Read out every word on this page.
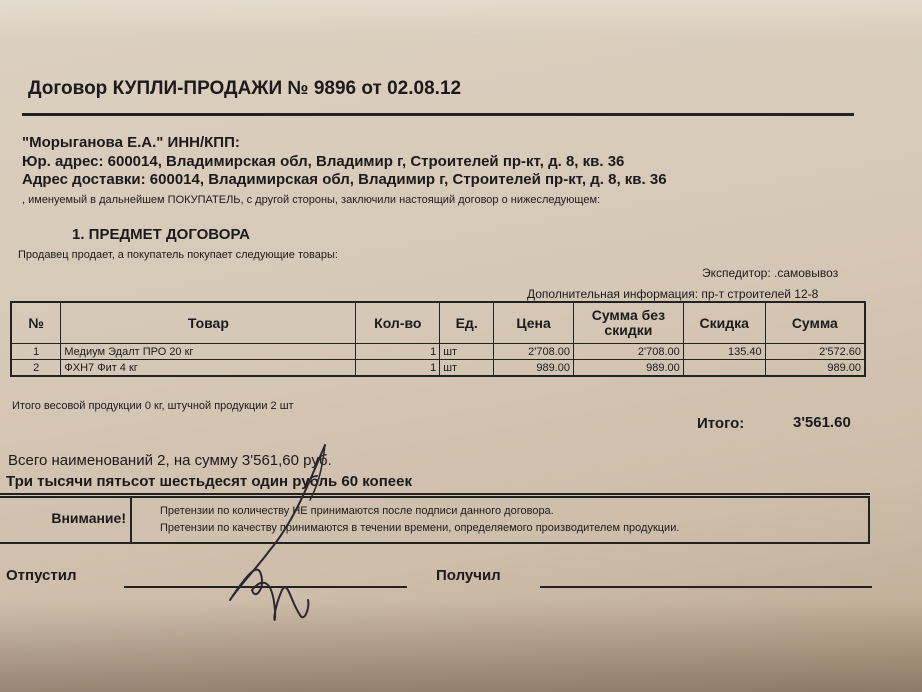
Договор КУПЛИ-ПРОДАЖИ № 9896 от 02.08.12
"Морыганова Е.А." ИНН/КПП:
Юр. адрес: 600014, Владимирская обл, Владимир г, Строителей пр-кт, д. 8, кв. 36
Адрес доставки: 600014, Владимирская обл, Владимир г, Строителей пр-кт, д. 8, кв. 36
, именуемый в дальнейшем ПОКУПАТЕЛЬ, с другой стороны, заключили настоящий договор о нижеследующем:
1. ПРЕДМЕТ ДОГОВОРА
Продавец продает, а покупатель покупает следующие товары:
Экспедитор: .самовывоз
Дополнительная информация: пр-т строителей 12-8
№	Товар	Кол-во	Ед.	Цена	Сумма без скидки	Скидка	Сумма
1	Медиум Эдалт ПРО 20 кг	1	шт	2'708.00	2'708.00	135.40	2'572.60
2	ФХН7 Фит 4 кг	1	шт	989.00	989.00		989.00
Итого весовой продукции 0 кг, штучной продукции 2 шт
Итого:	3'561.60
Всего наименований 2, на сумму 3'561,60 руб.
Три тысячи пятьсот шестьдесят один рубль 60 копеек
Внимание!	Претензии по количеству НЕ принимаются после подписи данного договора.
Претензии по качеству принимаются в течении времени, определяемого производителем продукции.
Отпустил	Получил
